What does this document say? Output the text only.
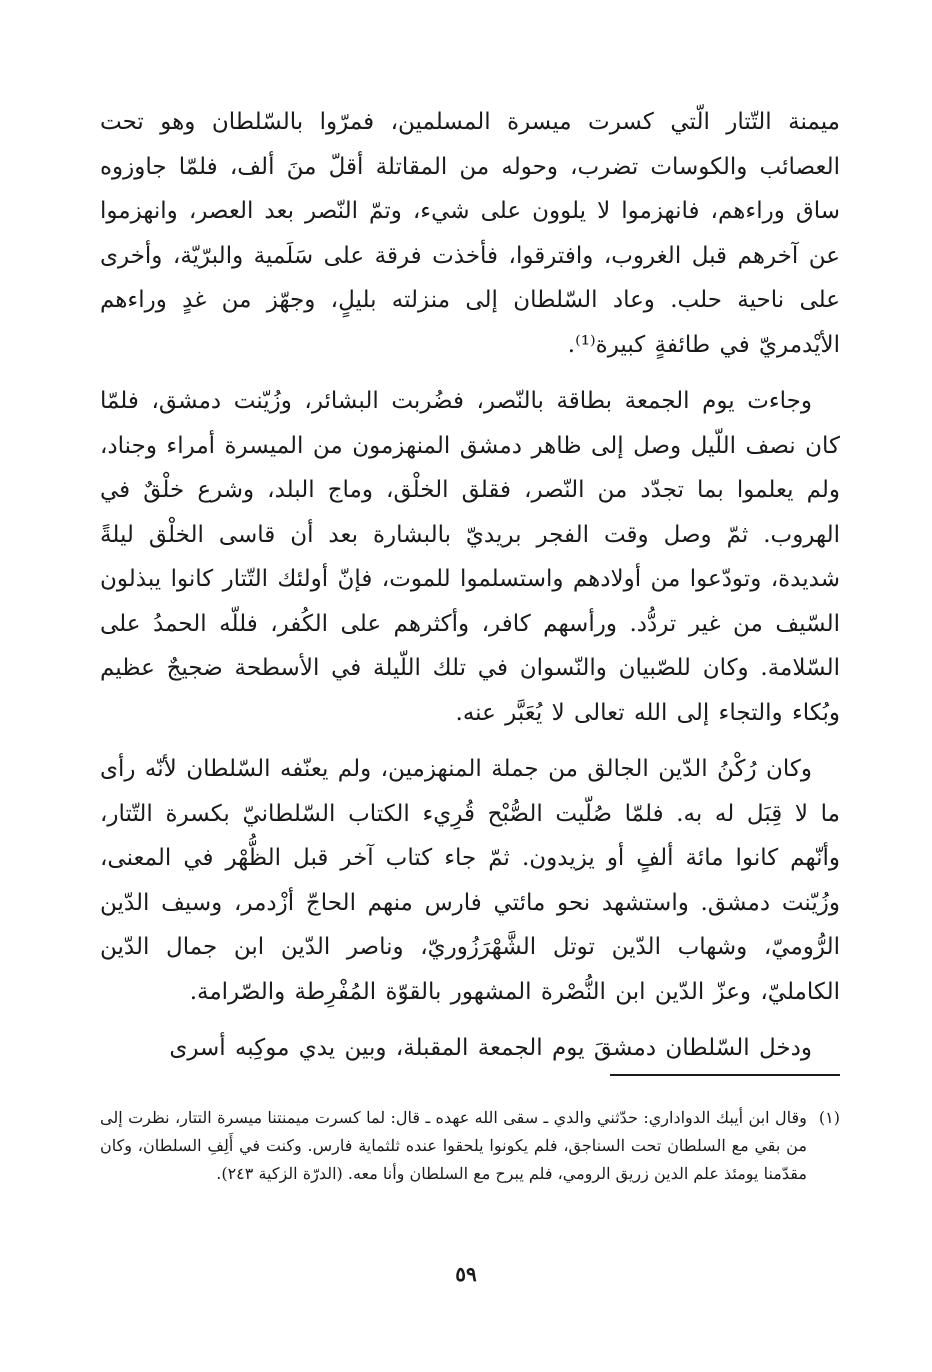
ميمنة التّتار الّتي كسرت ميسرة المسلمين، فمرّوا بالسّلطان وهو تحت العصائب والكوسات تضرب، وحوله من المقاتلة أقلّ منَ ألف، فلمّا جاوزوه ساق وراءهم، فانهزموا لا يلوون على شيء، وتمّ النّصر بعد العصر، وانهزموا عن آخرهم قبل الغروب، وافترقوا، فأخذت فرقة على سَلَمية والبرّيّة، وأخرى على ناحية حلب. وعاد السّلطان إلى منزلته بليلٍ، وجهّز من غدٍ وراءهم الأيْدمريّ في طائفةٍ كبيرة⁽¹⁾.

وجاءت يوم الجمعة بطاقة بالنّصر، فضُربت البشائر، وزُيّنت دمشق، فلمّا كان نصف اللّيل وصل إلى ظاهر دمشق المنهزمون من الميسرة أمراء وجناد، ولم يعلموا بما تجدّد من النّصر، فقلق الخلْق، وماج البلد، وشرع خلْقٌ في الهروب. ثمّ وصل وقت الفجر بريديّ بالبشارة بعد أن قاسى الخلْق ليلةً شديدة، وتودّعوا من أولادهم واستسلموا للموت، فإنّ أولئك التّتار كانوا يبذلون السّيف من غير تردُّد. ورأسهم كافر، وأكثرهم على الكُفر، فللّه الحمدُ على السّلامة. وكان للصّبيان والنّسوان في تلك اللّيلة في الأسطحة ضجيجٌ عظيم وبُكاء والتجاء إلى الله تعالى لا يُعَبَّر عنه.

وكان رُكْنُ الدّين الجالق من جملة المنهزمين، ولم يعنّفه السّلطان لأنّه رأى ما لا قِبَل له به. فلمّا صُلّيت الصُّبْح قُرِيء الكتاب السّلطانيّ بكسرة التّتار، وأنّهم كانوا مائة ألفٍ أو يزيدون. ثمّ جاء كتاب آخر قبل الظُّهْر في المعنى، وزُيّنت دمشق. واستشهد نحو مائتي فارس منهم الحاجّ أزْدمر، وسيف الدّين الرُّوميّ، وشهاب الدّين توتل الشَّهْرَزُوريّ، وناصر الدّين ابن جمال الدّين الكامليّ، وعزّ الدّين ابن النُّصْرة المشهور بالقوّة المُفْرِطة والصّرامة.

ودخل السّلطان دمشقَ يوم الجمعة المقبلة، وبين يدي موكِبه أسرى

(١)
وقال ابن أيبك الدواداري: حدّثني والدي ـ سقى الله عهده ـ قال: لما كسرت ميمنتنا ميسرة التتار، نظرت إلى من بقي مع السلطان تحت السناجق، فلم يكونوا يلحقوا عنده ثلثماية فارس. وكنت في أَلِفِ السلطان، وكان مقدّمنا يومئذ علم الدين زريق الرومي، فلم يبرح مع السلطان وأنا معه. (الدرّة الزكية ٢٤٣).
٥٩
